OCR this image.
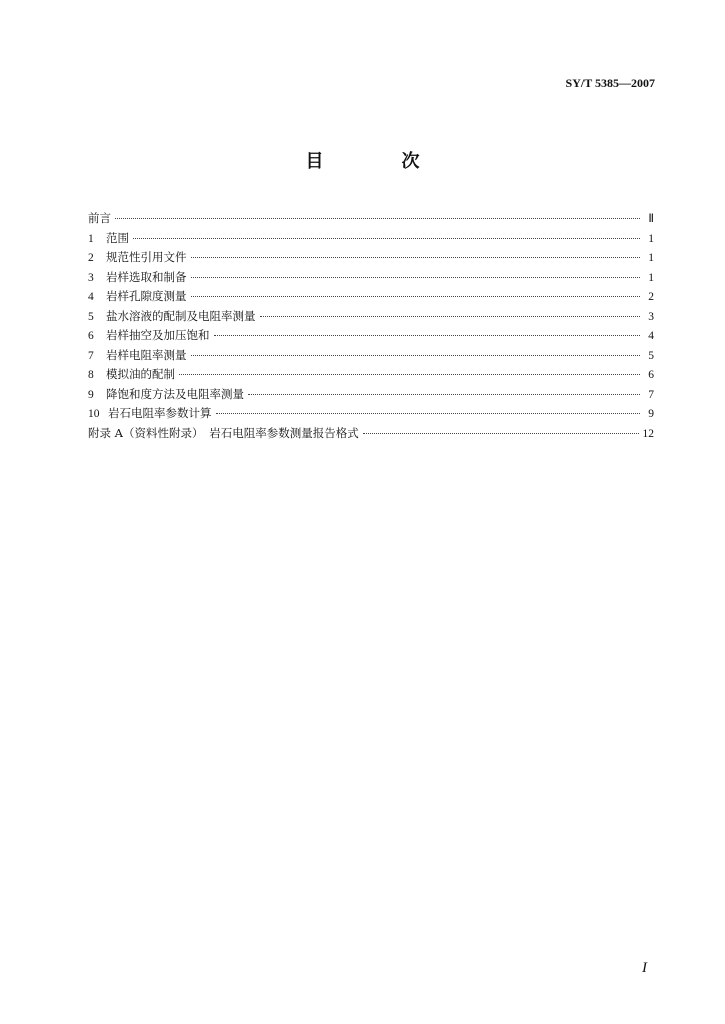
SY/T 5385—2007
目　次
前言	Ⅱ
1	范围	1
2	规范性引用文件	1
3	岩样选取和制备	1
4	岩样孔隙度测量	2
5	盐水溶液的配制及电阻率测量	3
6	岩样抽空及加压饱和	4
7	岩样电阻率测量	5
8	模拟油的配制	6
9	降饱和度方法及电阻率测量	7
10 岩石电阻率参数计算	9
附录 A（资料性附录）　岩石电阻率参数测量报告格式	12
I
